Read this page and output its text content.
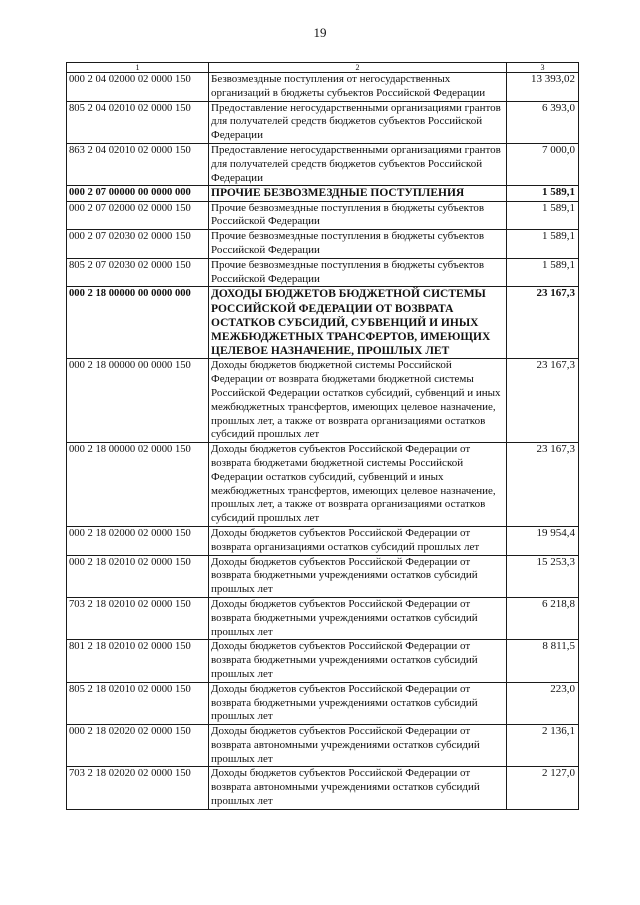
19
1	2	3
000 2 04 02000 02 0000 150	Безвозмездные поступления от негосударственных организаций в бюджеты субъектов Российской Федерации	13 393,02
805 2 04 02010 02 0000 150	Предоставление негосударственными организациями грантов для получателей средств бюджетов субъектов Российской Федерации	6 393,0
863 2 04 02010 02 0000 150	Предоставление негосударственными организациями грантов для получателей средств бюджетов субъектов Российской Федерации	7 000,0
000 2 07 00000 00 0000 000	ПРОЧИЕ БЕЗВОЗМЕЗДНЫЕ ПОСТУПЛЕНИЯ	1 589,1
000 2 07 02000 02 0000 150	Прочие безвозмездные поступления в бюджеты субъектов Российской Федерации	1 589,1
000 2 07 02030 02 0000 150	Прочие безвозмездные поступления в бюджеты субъектов Российской Федерации	1 589,1
805 2 07 02030 02 0000 150	Прочие безвозмездные поступления в бюджеты субъектов Российской Федерации	1 589,1
000 2 18 00000 00 0000 000	ДОХОДЫ БЮДЖЕТОВ БЮДЖЕТНОЙ СИСТЕМЫ РОССИЙСКОЙ ФЕДЕРАЦИИ ОТ ВОЗВРАТА ОСТАТКОВ СУБСИДИЙ, СУБВЕНЦИЙ И ИНЫХ МЕЖБЮДЖЕТНЫХ ТРАНСФЕРТОВ, ИМЕЮЩИХ ЦЕЛЕВОЕ НАЗНАЧЕНИЕ, ПРОШЛЫХ ЛЕТ	23 167,3
000 2 18 00000 00 0000 150	Доходы бюджетов бюджетной системы Российской Федерации от возврата бюджетами бюджетной системы Российской Федерации остатков субсидий, субвенций и иных межбюджетных трансфертов, имеющих целевое назначение, прошлых лет, а также от возврата организациями остатков субсидий прошлых лет	23 167,3
000 2 18 00000 02 0000 150	Доходы бюджетов субъектов Российской Федерации от возврата бюджетами бюджетной системы Российской Федерации остатков субсидий, субвенций и иных межбюджетных трансфертов, имеющих целевое назначение, прошлых лет, а также от возврата организациями остатков субсидий прошлых лет	23 167,3
000 2 18 02000 02 0000 150	Доходы бюджетов субъектов Российской Федерации от возврата организациями остатков субсидий прошлых лет	19 954,4
000 2 18 02010 02 0000 150	Доходы бюджетов субъектов Российской Федерации от возврата бюджетными учреждениями остатков субсидий прошлых лет	15 253,3
703 2 18 02010 02 0000 150	Доходы бюджетов субъектов Российской Федерации от возврата бюджетными учреждениями остатков субсидий прошлых лет	6 218,8
801 2 18 02010 02 0000 150	Доходы бюджетов субъектов Российской Федерации от возврата бюджетными учреждениями остатков субсидий прошлых лет	8 811,5
805 2 18 02010 02 0000 150	Доходы бюджетов субъектов Российской Федерации от возврата бюджетными учреждениями остатков субсидий прошлых лет	223,0
000 2 18 02020 02 0000 150	Доходы бюджетов субъектов Российской Федерации от возврата автономными учреждениями остатков субсидий прошлых лет	2 136,1
703 2 18 02020 02 0000 150	Доходы бюджетов субъектов Российской Федерации от возврата автономными учреждениями остатков субсидий прошлых лет	2 127,0
